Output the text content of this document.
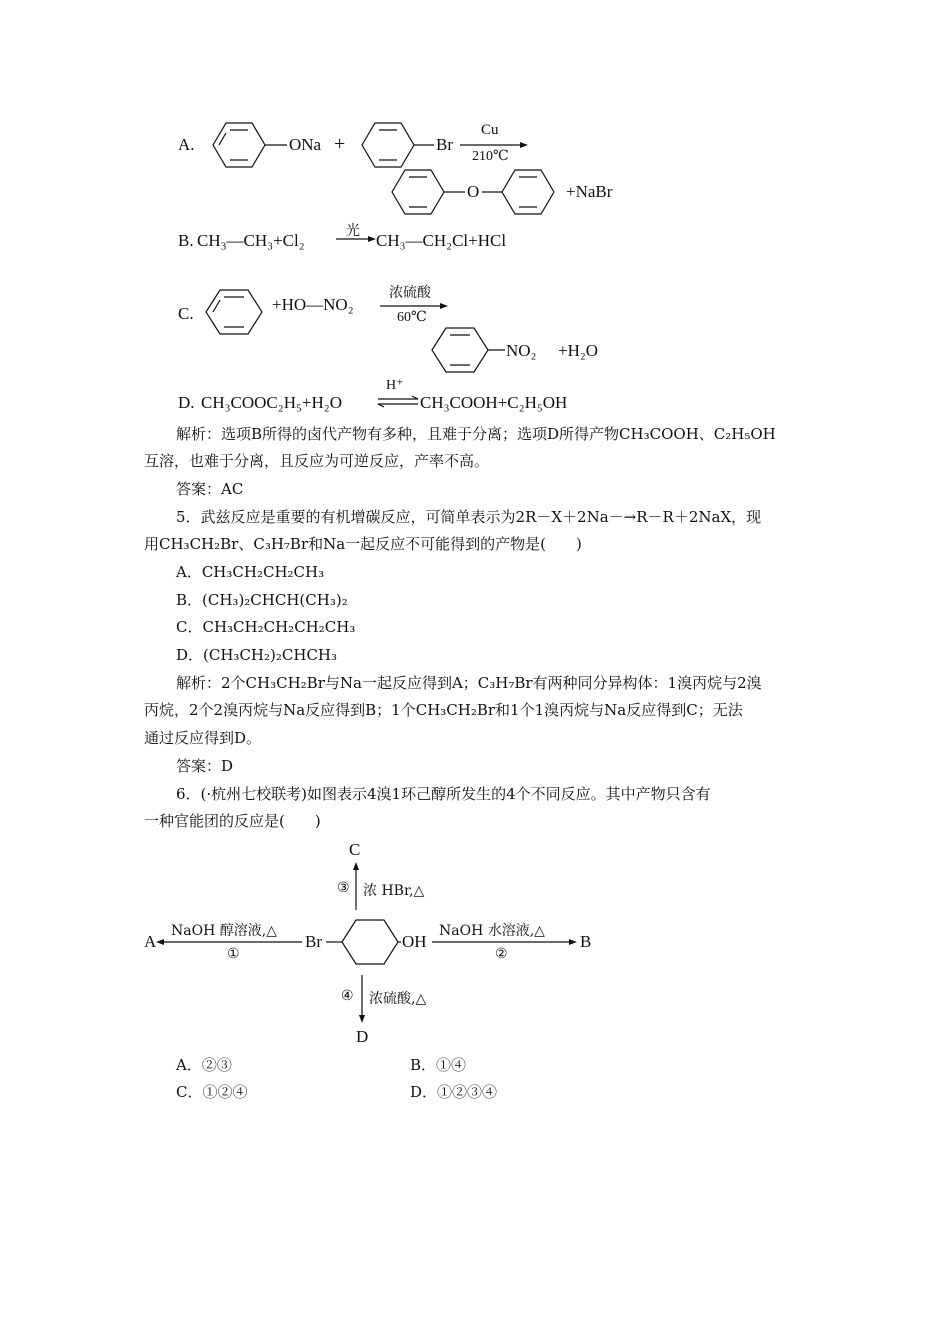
A.	ONa +	Br
Cu
210℃
O	+NaBr
B. CH₃—CH₃+Cl₂	光 → CH₃—CH₂Cl+HCl
C.	+HO—NO₂
浓硫酸
60℃
NO₂ +H₂O
D. CH₃COOC₂H₅+H₂O
H⁺
⇌ CH₃COOH+C₂H₅OH
解析：选项B所得的卤代产物有多种，且难于分离；选项D所得产物CH₃COOH、C₂H₅OH
互溶，也难于分离，且反应为可逆反应，产率不高。
答案：AC
5．武兹反应是重要的有机增碳反应，可简单表示为2R－X＋2Na－→R－R＋2NaX，现
用CH₃CH₂Br、C₃H₇Br和Na一起反应不可能得到的产物是(　　)
A．CH₃CH₂CH₂CH₃
B．(CH₃)₂CHCH(CH₃)₂
C．CH₃CH₂CH₂CH₂CH₃
D．(CH₃CH₂)₂CHCH₃
解析：2个CH₃CH₂Br与Na一起反应得到A；C₃H₇Br有两种同分异构体：1溴丙烷与2溴
丙烷，2个2溴丙烷与Na反应得到B；1个CH₃CH₂Br和1个1溴丙烷与Na反应得到C；无法
通过反应得到D。
答案：D
6．(·杭州七校联考)如图表示4溴1环己醇所发生的4个不同反应。其中产物只含有
一种官能团的反应是(　　)
C
A	B
D
Br	OH
NaOH 醇溶液,△
①
NaOH 水溶液,△
②
浓 HBr,△
③
浓硫酸,△
④
A．②③	B．①④
C．①②④	D．①②③④
